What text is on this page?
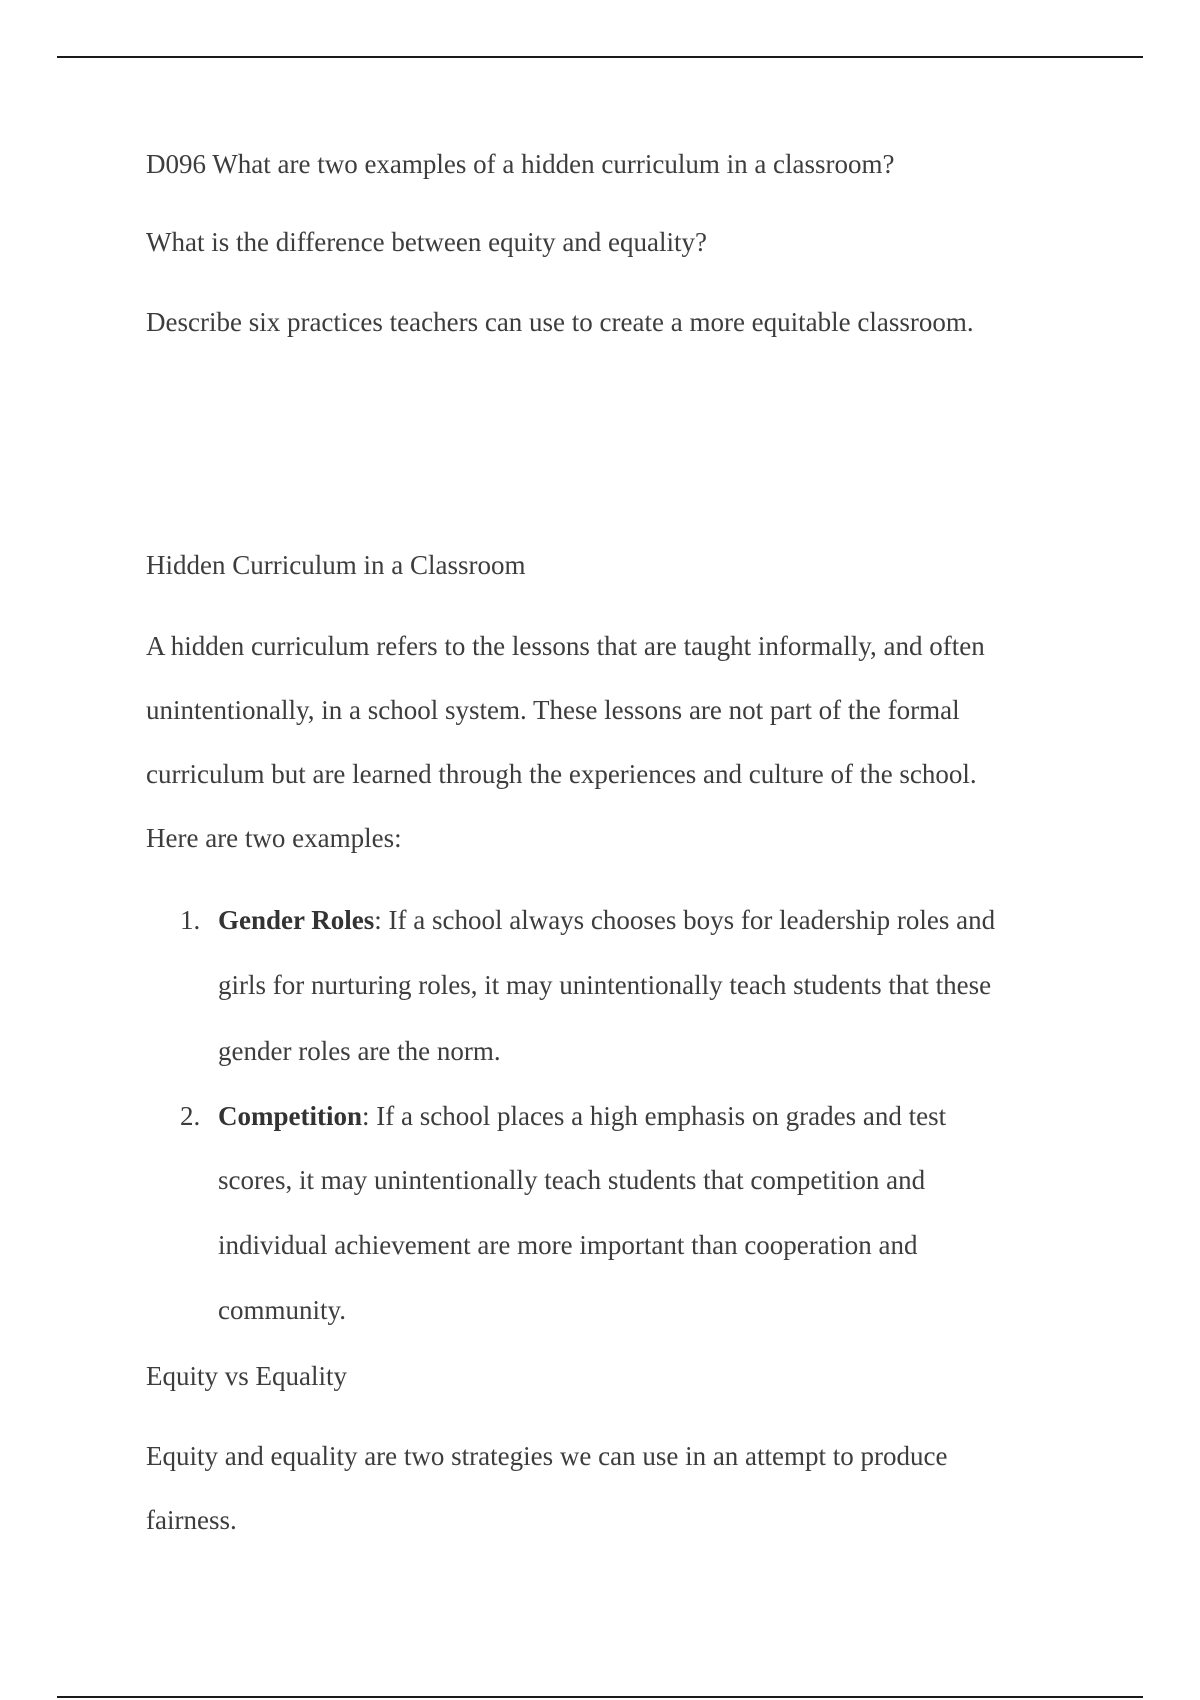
D096 What are two examples of a hidden curriculum in a classroom?

What is the difference between equity and equality?

Describe six practices teachers can use to create a more equitable classroom.

Hidden Curriculum in a Classroom

A hidden curriculum refers to the lessons that are taught informally, and often

unintentionally, in a school system. These lessons are not part of the formal

curriculum but are learned through the experiences and culture of the school.

Here are two examples:

1. Gender Roles: If a school always chooses boys for leadership roles and
girls for nurturing roles, it may unintentionally teach students that these
gender roles are the norm.
2. Competition: If a school places a high emphasis on grades and test
scores, it may unintentionally teach students that competition and
individual achievement are more important than cooperation and
community.

Equity vs Equality

Equity and equality are two strategies we can use in an attempt to produce

fairness.
